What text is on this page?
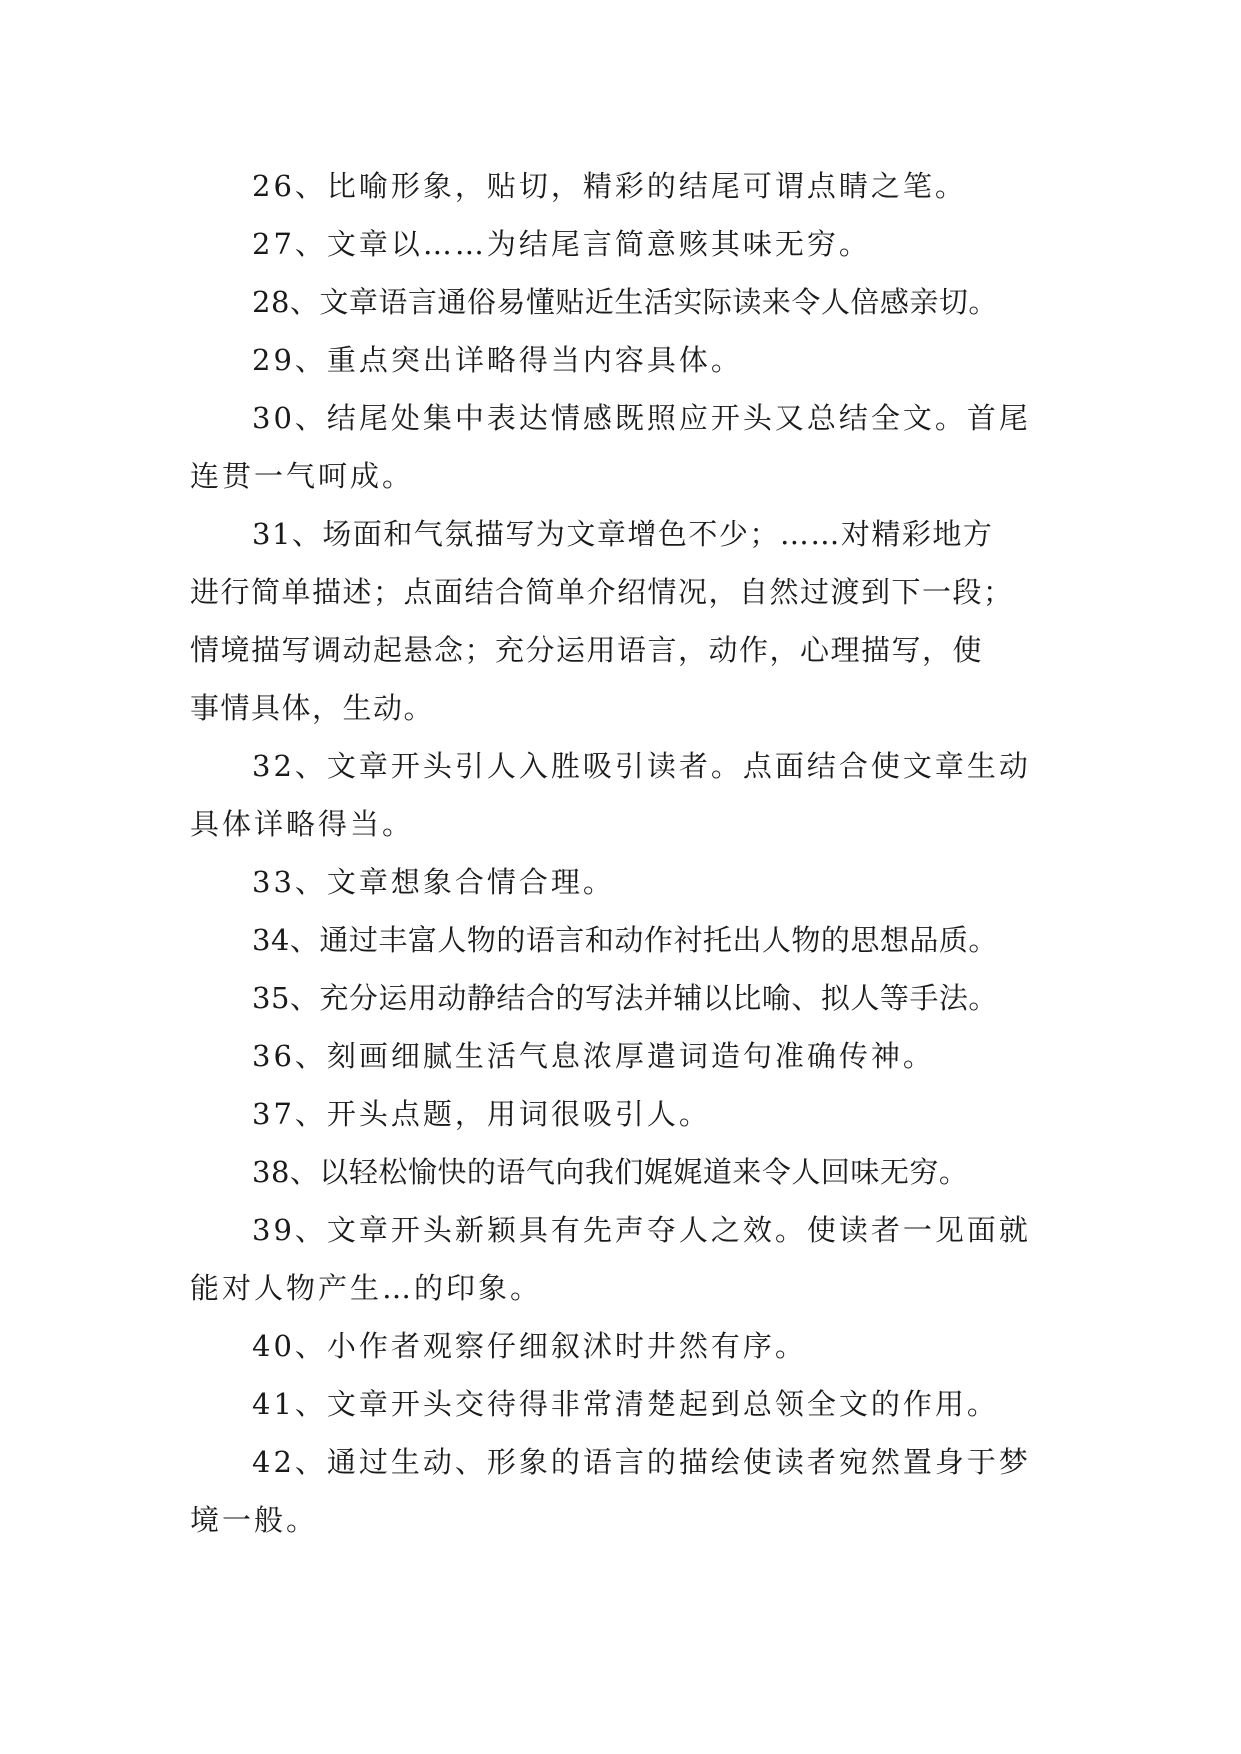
26、比喻形象，贴切，精彩的结尾可谓点睛之笔。

27、文章以……为结尾言简意赅其味无穷。

28、文章语言通俗易懂贴近生活实际读来令人倍感亲切。

29、重点突出详略得当内容具体。

30、结尾处集中表达情感既照应开头又总结全文。首尾
连贯一气呵成。

31、场面和气氛描写为文章增色不少；……对精彩地方
进行简单描述；点面结合简单介绍情况，自然过渡到下一段；
情境描写调动起悬念；充分运用语言，动作，心理描写，使
事情具体，生动。

32、文章开头引人入胜吸引读者。点面结合使文章生动
具体详略得当。

33、文章想象合情合理。

34、通过丰富人物的语言和动作衬托出人物的思想品质。

35、充分运用动静结合的写法并辅以比喻、拟人等手法。

36、刻画细腻生活气息浓厚遣词造句准确传神。

37、开头点题，用词很吸引人。

38、以轻松愉快的语气向我们娓娓道来令人回味无穷。

39、文章开头新颖具有先声夺人之效。使读者一见面就
能对人物产生…的印象。

40、小作者观察仔细叙沭时井然有序。

41、文章开头交待得非常清楚起到总领全文的作用。

42、通过生动、形象的语言的描绘使读者宛然置身于梦
境一般。
